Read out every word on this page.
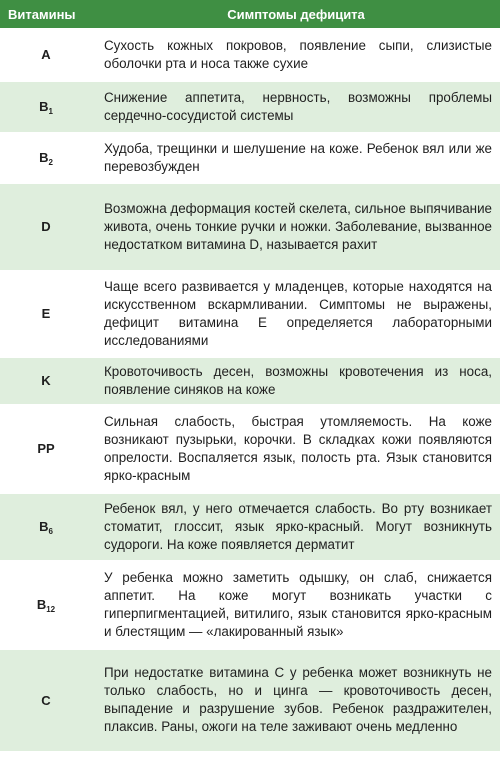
Витамины	Симптомы дефицита
A	Сухость кожных покровов, появление сыпи, слизистые оболочки рта и носа также сухие
$B_1$	Снижение аппетита, нервность, возможны проблемы сердечно-сосудистой системы
$B_2$	Худоба, трещинки и шелушение на коже. Ребенок вял или же перевозбужден
D	Возможна деформация костей скелета, сильное выпячивание живота, очень тонкие ручки и ножки. Заболевание, вызванное недостатком витамина D, называется рахит
E	Чаще всего развивается у младенцев, которые находятся на искусственном вскармливании. Симптомы не выражены, дефицит витамина E определяется лабораторными исследованиями
K	Кровоточивость десен, возможны кровотечения из носа, появление синяков на коже
PP	Сильная слабость, быстрая утомляемость. На коже возникают пузырьки, корочки. В складках кожи появляются опрелости. Воспаляется язык, полость рта. Язык становится ярко-красным
$B_6$	Ребенок вял, у него отмечается слабость. Во рту возникает стоматит, глоссит, язык ярко-красный. Могут возникнуть судороги. На коже появляется дерматит
$B_{12}$	У ребенка можно заметить одышку, он слаб, снижается аппетит. На коже могут возникать участки с гиперпигментацией, витилиго, язык становится ярко-красным и блестящим — «лакированный язык»
C	При недостатке витамина C у ребенка может возникнуть не только слабость, но и цинга — кровоточивость десен, выпадение и разрушение зубов. Ребенок раздражителен, плаксив. Раны, ожоги на теле заживают очень медленно
